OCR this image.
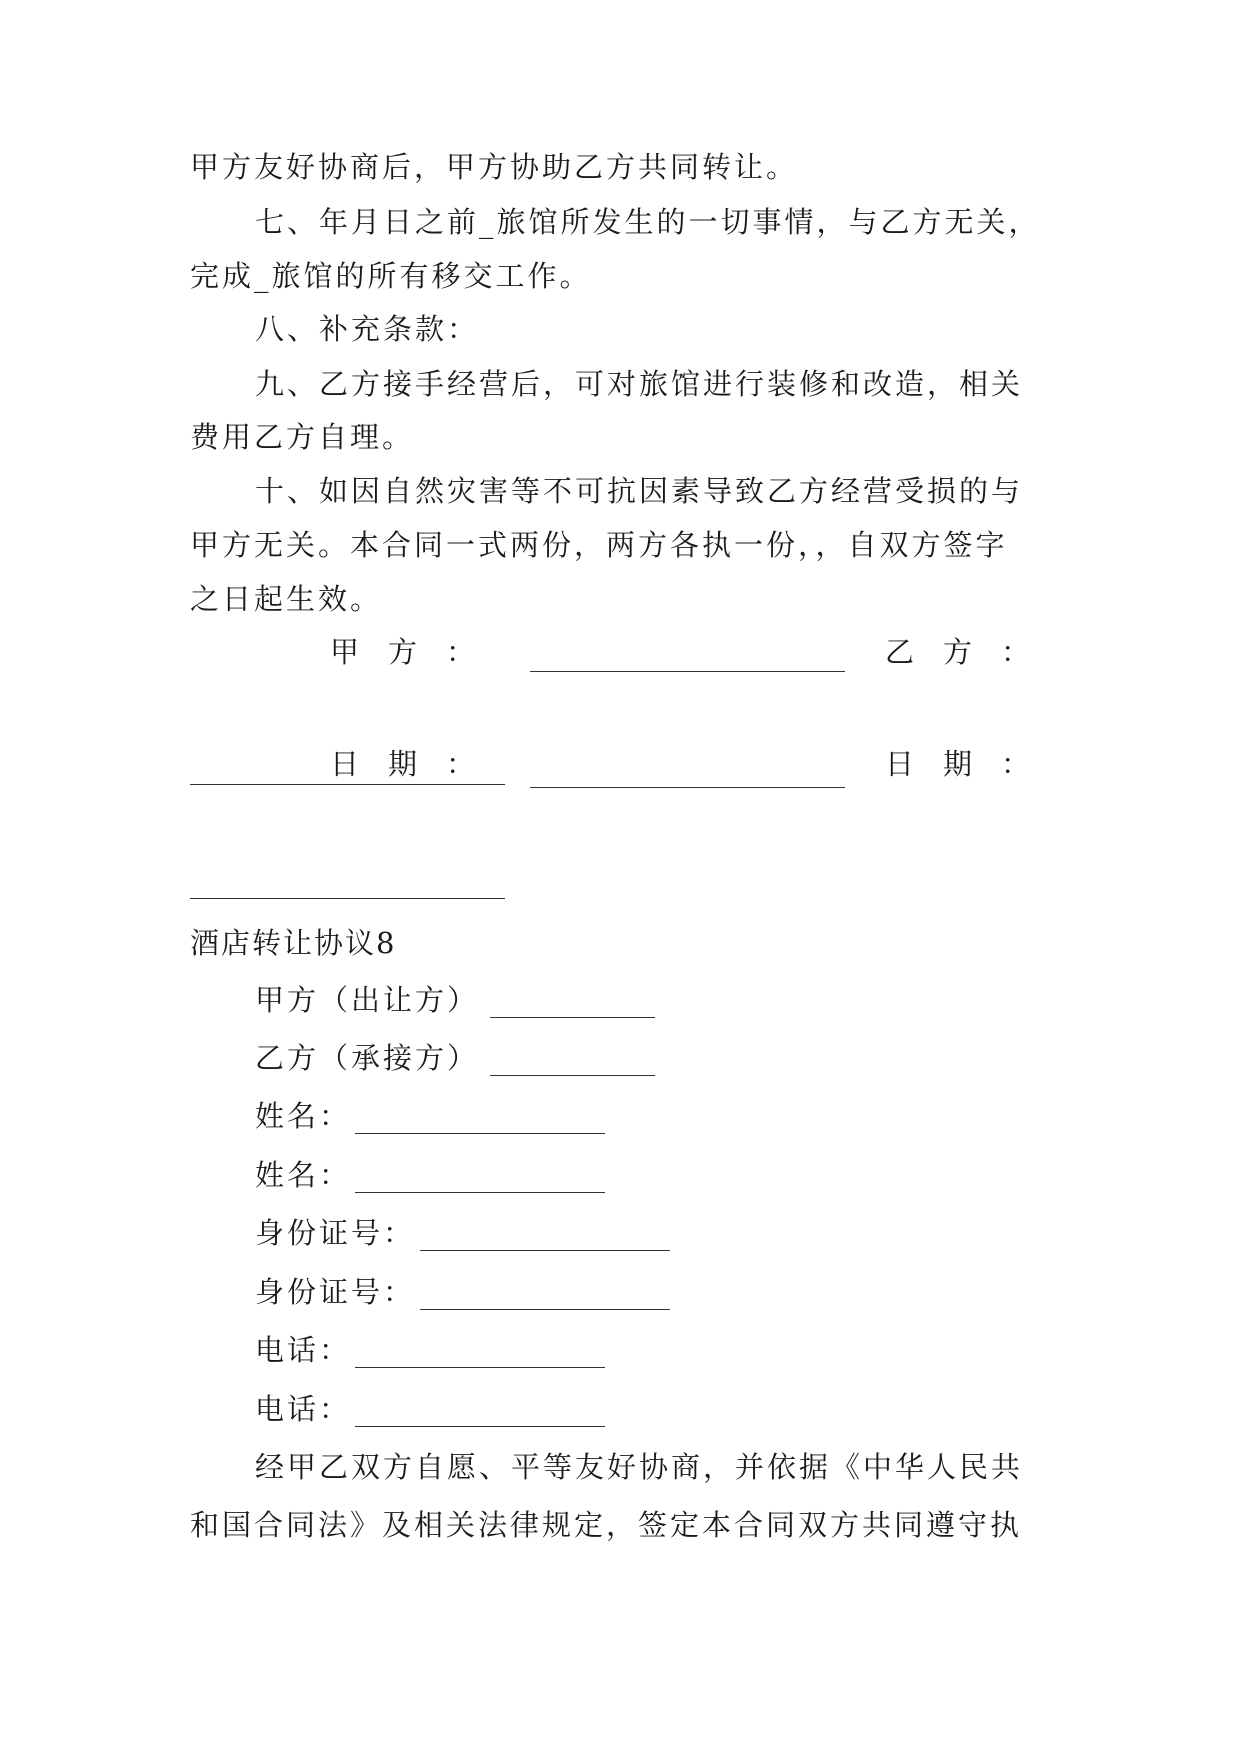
甲方友好协商后，甲方协助乙方共同转让。
七、年月日之前_旅馆所发生的一切事情，与乙方无关，
完成_旅馆的所有移交工作。
八、补充条款：
九、乙方接手经营后，可对旅馆进行装修和改造，相关
费用乙方自理。
十、如因自然灾害等不可抗因素导致乙方经营受损的与
甲方无关。本合同一式两份，两方各执一份，，自双方签字
之日起生效。
甲　方　：	乙　方　：
日　期　：	日　期　：
酒店转让协议8
甲方（出让方）
乙方（承接方）
姓名：
姓名：
身份证号：
身份证号：
电话：
电话：
经甲乙双方自愿、平等友好协商，并依据《中华人民共
和国合同法》及相关法律规定，签定本合同双方共同遵守执
